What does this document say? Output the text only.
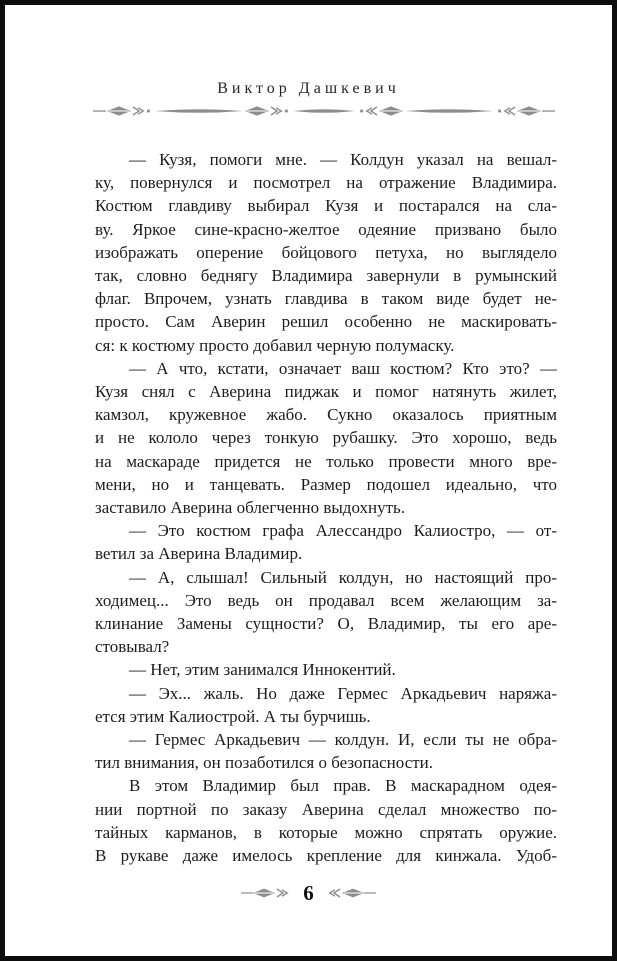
Виктор Дашкевич
— Кузя, помоги мне. — Колдун указал на вешал-
ку, повернулся и посмотрел на отражение Владимира.
Костюм главдиву выбирал Кузя и постарался на сла-
ву. Яркое сине-красно-желтое одеяние призвано было
изображать оперение бойцового петуха, но выглядело
так, словно беднягу Владимира завернули в румынский
флаг. Впрочем, узнать главдива в таком виде будет не-
просто. Сам Аверин решил особенно не маскировать-
ся: к костюму просто добавил черную полумаску.
— А что, кстати, означает ваш костюм? Кто это? —
Кузя снял с Аверина пиджак и помог натянуть жилет,
камзол, кружевное жабо. Сукно оказалось приятным
и не кололо через тонкую рубашку. Это хорошо, ведь
на маскараде придется не только провести много вре-
мени, но и танцевать. Размер подошел идеально, что
заставило Аверина облегченно выдохнуть.
— Это костюм графа Алессандро Калиостро, — от-
ветил за Аверина Владимир.
— А, слышал! Сильный колдун, но настоящий про-
ходимец... Это ведь он продавал всем желающим за-
клинание Замены сущности? О, Владимир, ты его аре-
стовывал?
— Нет, этим занимался Иннокентий.
— Эх... жаль. Но даже Гермес Аркадьевич наряжа-
ется этим Калиострой. А ты бурчишь.
— Гермес Аркадьевич — колдун. И, если ты не обра-
тил внимания, он позаботился о безопасности.
В этом Владимир был прав. В маскарадном одея-
нии портной по заказу Аверина сделал множество по-
тайных карманов, в которые можно спрятать оружие.
В рукаве даже имелось крепление для кинжала. Удоб-
6
